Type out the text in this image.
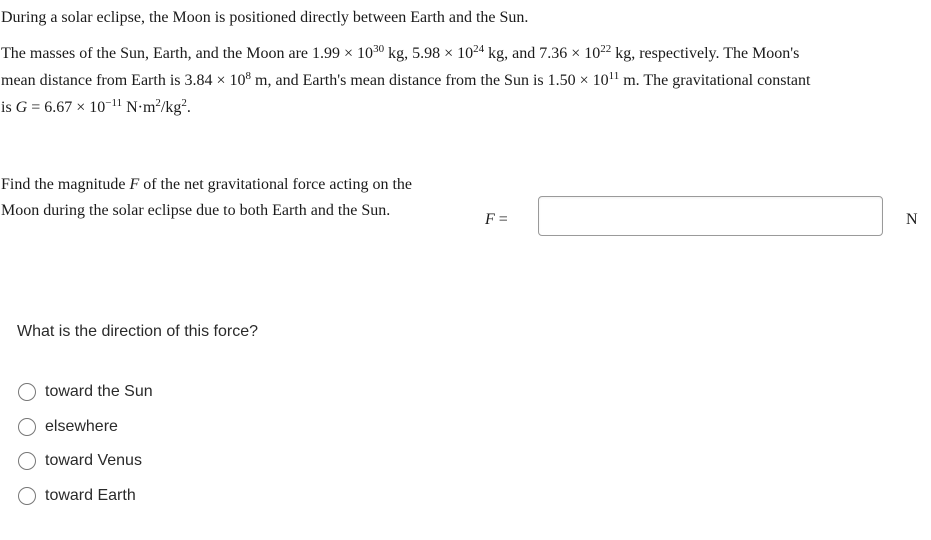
During a solar eclipse, the Moon is positioned directly between Earth and the Sun.
The masses of the Sun, Earth, and the Moon are $1.99 \times 10^{30}$ kg, $5.98 \times 10^{24}$ kg, and $7.36 \times 10^{22}$ kg, respectively. The Moon's
mean distance from Earth is $3.84 \times 10^8$ m, and Earth's mean distance from the Sun is $1.50 \times 10^{11}$ m. The gravitational constant
is $G = 6.67 \times 10^{-11}$ $N\cdot m^2/kg^2$.
Find the magnitude F of the net gravitational force acting on the Moon during the solar eclipse due to both Earth and the Sun.
F =	N
What is the direction of this force?
toward the Sun
elsewhere
toward Venus
toward Earth
